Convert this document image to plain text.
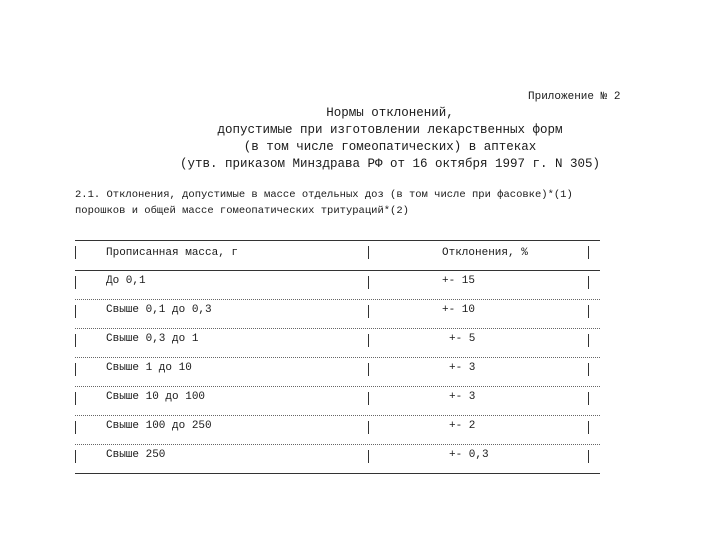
Приложение № 2
Нормы отклонений,
допустимые при изготовлении лекарственных форм
(в том числе гомеопатических) в аптеках
(утв. приказом Минздрава РФ от 16 октября 1997 г. N 305)
2.1. Отклонения, допустимые в массе отдельных доз (в том числе при фасовке)*(1) порошков и общей массе гомеопатических тритураций*(2)
Прописанная масса, г	Отклонения, %
До 0,1	+- 15
Свыше 0,1 до 0,3	+- 10
Свыше 0,3 до 1	+- 5
Свыше 1 до 10	+- 3
Свыше 10 до 100	+- 3
Свыше 100 до 250	+- 2
Свыше 250	+- 0,3
